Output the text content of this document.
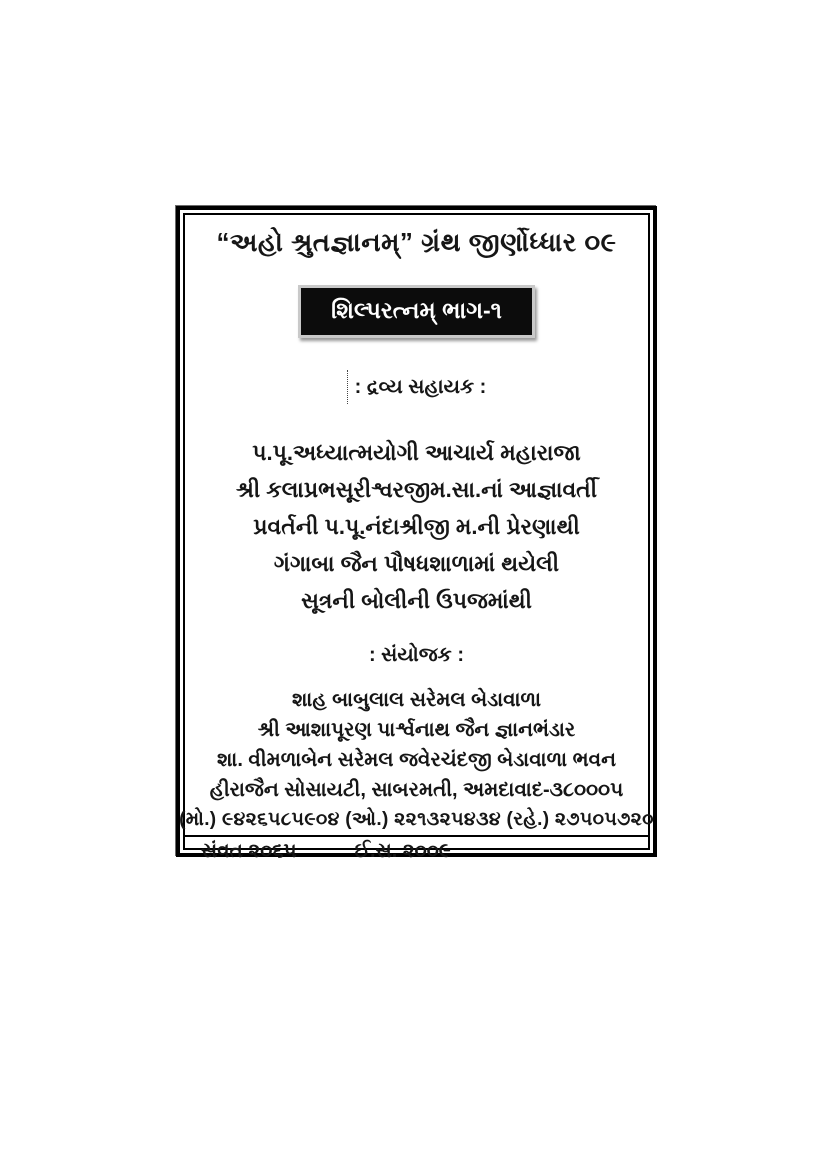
“અહો શ્રુતજ્ઞાનમ્” ગ્રંથ જીર્ણોધ્ધાર ૦૯
શિલ્પરત્નમ્ ભાગ-૧
: દ્રવ્ય સહાયક :
પ.પૂ.અધ્યાત્મયોગી આચાર્ય મહારાજા
શ્રી કલાપ્રભસૂરીશ્વરજીમ.સા.નાં આજ્ઞાવર્તી
પ્રવર્તની પ.પૂ.નંદાશ્રીજી મ.ની પ્રેરણાથી
ગંગાબા જૈન પૌષધશાળામાં થયેલી
સૂત્રની બોલીની ઉપજમાંથી
: સંયોજક :
શાહ બાબુલાલ સરેમલ બેડાવાળા
શ્રી આશાપૂરણ પાર્શ્વનાથ જૈન જ્ઞાનભંડાર
શા. વીમળાબેન સરેમલ જવેરચંદજી બેડાવાળા ભવન
હીરાજૈન સોસાયટી, સાબરમતી, અમદાવાદ-૩૮૦૦૦૫
(મો.) ૯૪૨૬૫૮૫૯૦૪ (ઓ.) ૨૨૧૩૨૫૪૩૪ (રહે.) ૨૭૫૦૫૭૨૦
સંવત ૨૦૬૫	ઈ.સ. ૨૦૦૯
